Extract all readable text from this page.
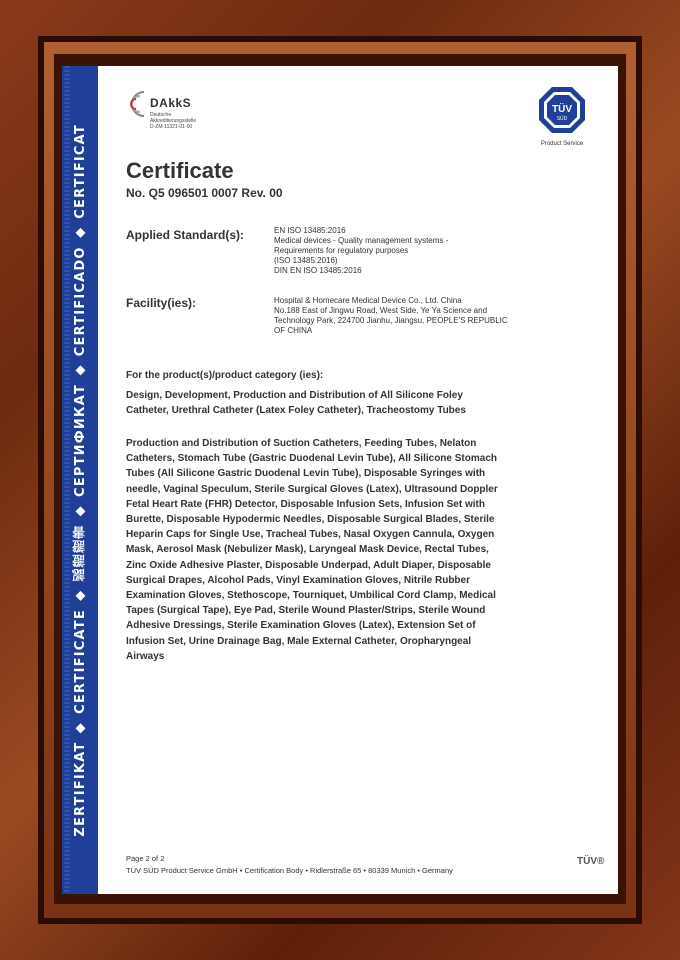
ZERTIFIKAT ◆ CERTIFICATE ◆ 認證證書 ◆ СЕРТИФИКАТ ◆ CERTIFICADO ◆ CERTIFICAT
DAkkS
Deutsche
Akkreditierungsstelle
D-ZM-11321-01-00
TÜV
SÜD
Product Service
Certificate
No. Q5 096501 0007 Rev. 00
Applied Standard(s):	EN ISO 13485:2016
Medical devices - Quality management systems -
Requirements for regulatory purposes
(ISO 13485:2016)
DIN EN ISO 13485:2016
Facility(ies):	Hospital & Homecare Medical Device Co., Ltd. China
No.188 East of Jingwu Road, West Side, Ye Ya Science and
Technology Park, 224700 Jianhu, Jiangsu, PEOPLE'S REPUBLIC
OF CHINA
For the product(s)/product category (ies):
Design, Development, Production and Distribution of All Silicone Foley
Catheter, Urethral Catheter (Latex Foley Catheter), Tracheostomy Tubes
Production and Distribution of Suction Catheters, Feeding Tubes, Nelaton
Catheters, Stomach Tube (Gastric Duodenal Levin Tube), All Silicone Stomach
Tubes (All Silicone Gastric Duodenal Levin Tube), Disposable Syringes with
needle, Vaginal Speculum, Sterile Surgical Gloves (Latex), Ultrasound Doppler
Fetal Heart Rate (FHR) Detector, Disposable Infusion Sets, Infusion Set with
Burette, Disposable Hypodermic Needles, Disposable Surgical Blades, Sterile
Heparin Caps for Single Use, Tracheal Tubes, Nasal Oxygen Cannula, Oxygen
Mask, Aerosol Mask (Nebulizer Mask), Laryngeal Mask Device, Rectal Tubes,
Zinc Oxide Adhesive Plaster, Disposable Underpad, Adult Diaper, Disposable
Surgical Drapes, Alcohol Pads, Vinyl Examination Gloves, Nitrile Rubber
Examination Gloves, Stethoscope, Tourniquet, Umbilical Cord Clamp, Medical
Tapes (Surgical Tape), Eye Pad, Sterile Wound Plaster/Strips, Sterile Wound
Adhesive Dressings, Sterile Examination Gloves (Latex), Extension Set of
Infusion Set, Urine Drainage Bag, Male External Catheter, Oropharyngeal
Airways
Page 2 of 2
TÜV SÜD Product Service GmbH • Certification Body • Ridlerstraße 65 • 80339 Munich • Germany
TÜV®
